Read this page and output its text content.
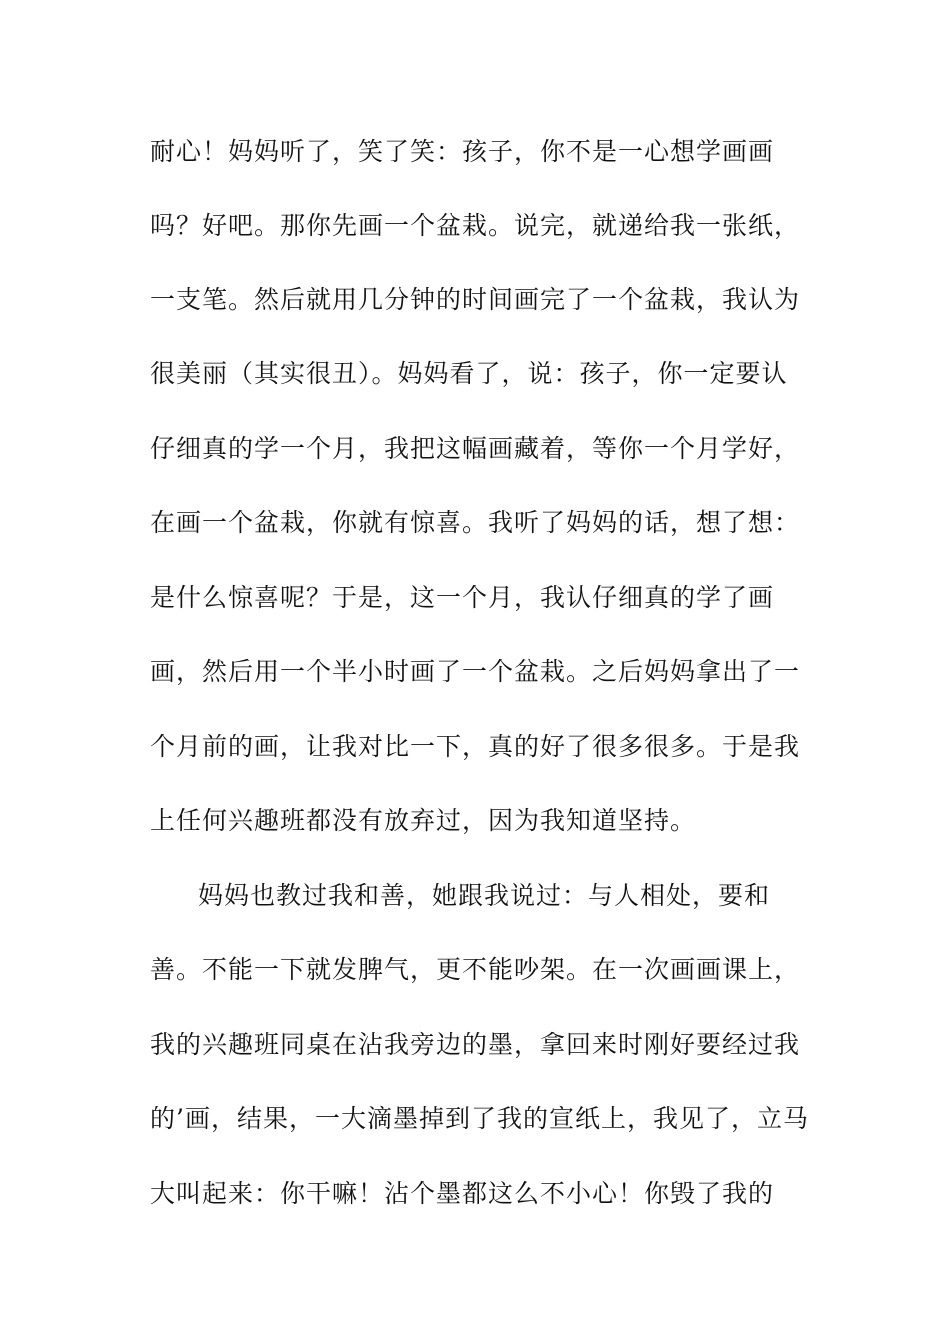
耐心！妈妈听了，笑了笑：孩子，你不是一心想学画画
吗？好吧。那你先画一个盆栽。说完，就递给我一张纸，
一支笔。然后就用几分钟的时间画完了一个盆栽，我认为
很美丽（其实很丑）。妈妈看了，说：孩子，你一定要认
仔细真的学一个月，我把这幅画藏着，等你一个月学好，
在画一个盆栽，你就有惊喜。我听了妈妈的话，想了想：
是什么惊喜呢？于是，这一个月，我认仔细真的学了画
画，然后用一个半小时画了一个盆栽。之后妈妈拿出了一
个月前的画，让我对比一下，真的好了很多很多。于是我
上任何兴趣班都没有放弃过，因为我知道坚持。
妈妈也教过我和善，她跟我说过：与人相处，要和
善。不能一下就发脾气，更不能吵架。在一次画画课上，
我的兴趣班同桌在沾我旁边的墨，拿回来时刚好要经过我
的’画，结果，一大滴墨掉到了我的宣纸上，我见了，立马
大叫起来：你干嘛！沾个墨都这么不小心！你毁了我的
